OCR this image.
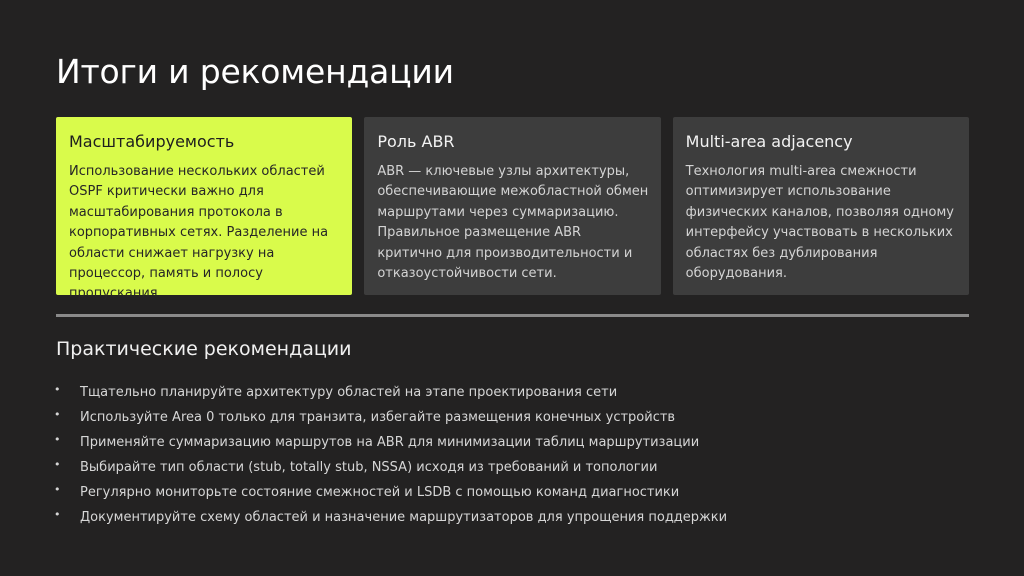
Итоги и рекомендации
Масштабируемость

Использование нескольких областей OSPF критически важно для масштабирования протокола в корпоративных сетях. Разделение на области снижает нагрузку на процессор, память и полосу пропускания.

Роль ABR

ABR — ключевые узлы архитектуры, обеспечивающие межобластной обмен маршрутами через суммаризацию. Правильное размещение ABR критично для производительности и отказоустойчивости сети.

Multi-area adjacency

Технология multi-area смежности оптимизирует использование физических каналов, позволяя одному интерфейсу участвовать в нескольких областях без дублирования оборудования.

Практические рекомендации
• Тщательно планируйте архитектуру областей на этапе проектирования сети
• Используйте Area 0 только для транзита, избегайте размещения конечных устройств
• Применяйте суммаризацию маршрутов на ABR для минимизации таблиц маршрутизации
• Выбирайте тип области (stub, totally stub, NSSA) исходя из требований и топологии
• Регулярно мониторьте состояние смежностей и LSDB с помощью команд диагностики
• Документируйте схему областей и назначение маршрутизаторов для упрощения поддержки
